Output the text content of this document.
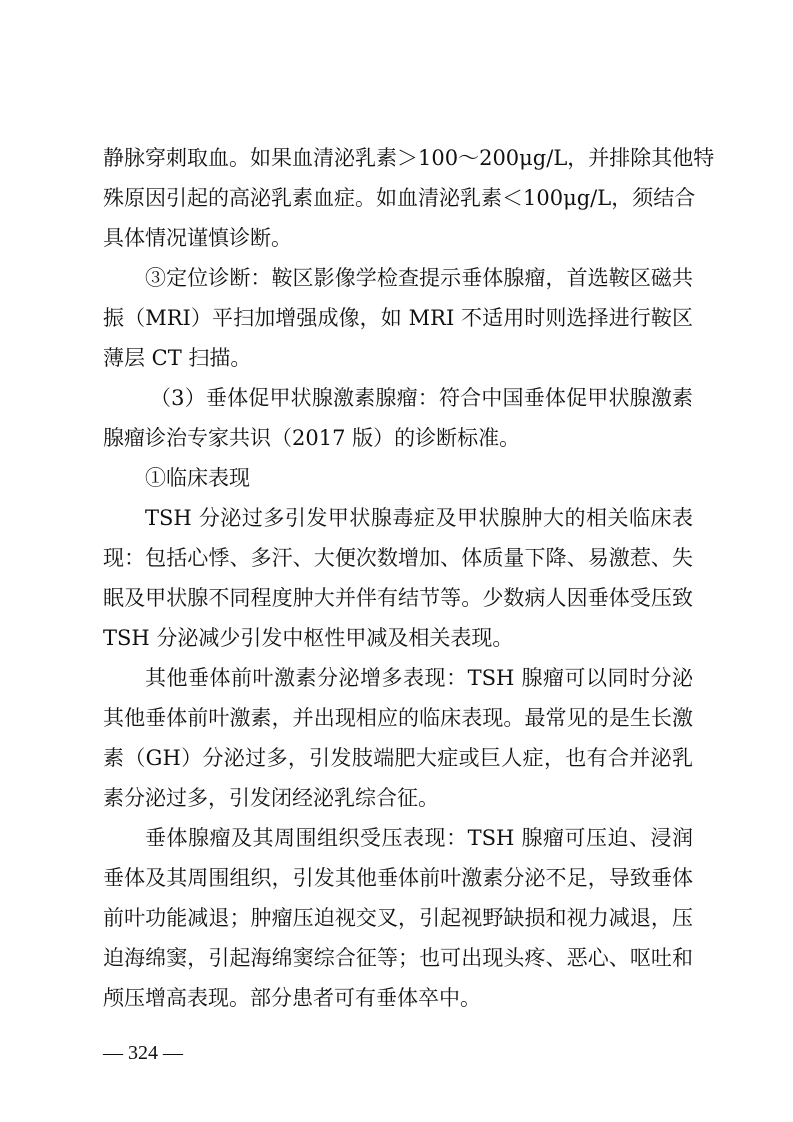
静脉穿刺取血。如果血清泌乳素＞100～200μg/L，并排除其他特
殊原因引起的高泌乳素血症。如血清泌乳素＜100μg/L，须结合
具体情况谨慎诊断。
③定位诊断：鞍区影像学检查提示垂体腺瘤，首选鞍区磁共
振（MRI）平扫加增强成像，如 MRI 不适用时则选择进行鞍区
薄层 CT 扫描。
（3）垂体促甲状腺激素腺瘤：符合中国垂体促甲状腺激素
腺瘤诊治专家共识（2017 版）的诊断标准。
①临床表现
TSH 分泌过多引发甲状腺毒症及甲状腺肿大的相关临床表
现：包括心悸、多汗、大便次数增加、体质量下降、易激惹、失
眠及甲状腺不同程度肿大并伴有结节等。少数病人因垂体受压致
TSH 分泌减少引发中枢性甲减及相关表现。
其他垂体前叶激素分泌增多表现：TSH 腺瘤可以同时分泌
其他垂体前叶激素，并出现相应的临床表现。最常见的是生长激
素（GH）分泌过多，引发肢端肥大症或巨人症，也有合并泌乳
素分泌过多，引发闭经泌乳综合征。
垂体腺瘤及其周围组织受压表现：TSH 腺瘤可压迫、浸润
垂体及其周围组织，引发其他垂体前叶激素分泌不足，导致垂体
前叶功能减退；肿瘤压迫视交叉，引起视野缺损和视力减退，压
迫海绵窦，引起海绵窦综合征等；也可出现头疼、恶心、呕吐和
颅压增高表现。部分患者可有垂体卒中。
— 324 —
